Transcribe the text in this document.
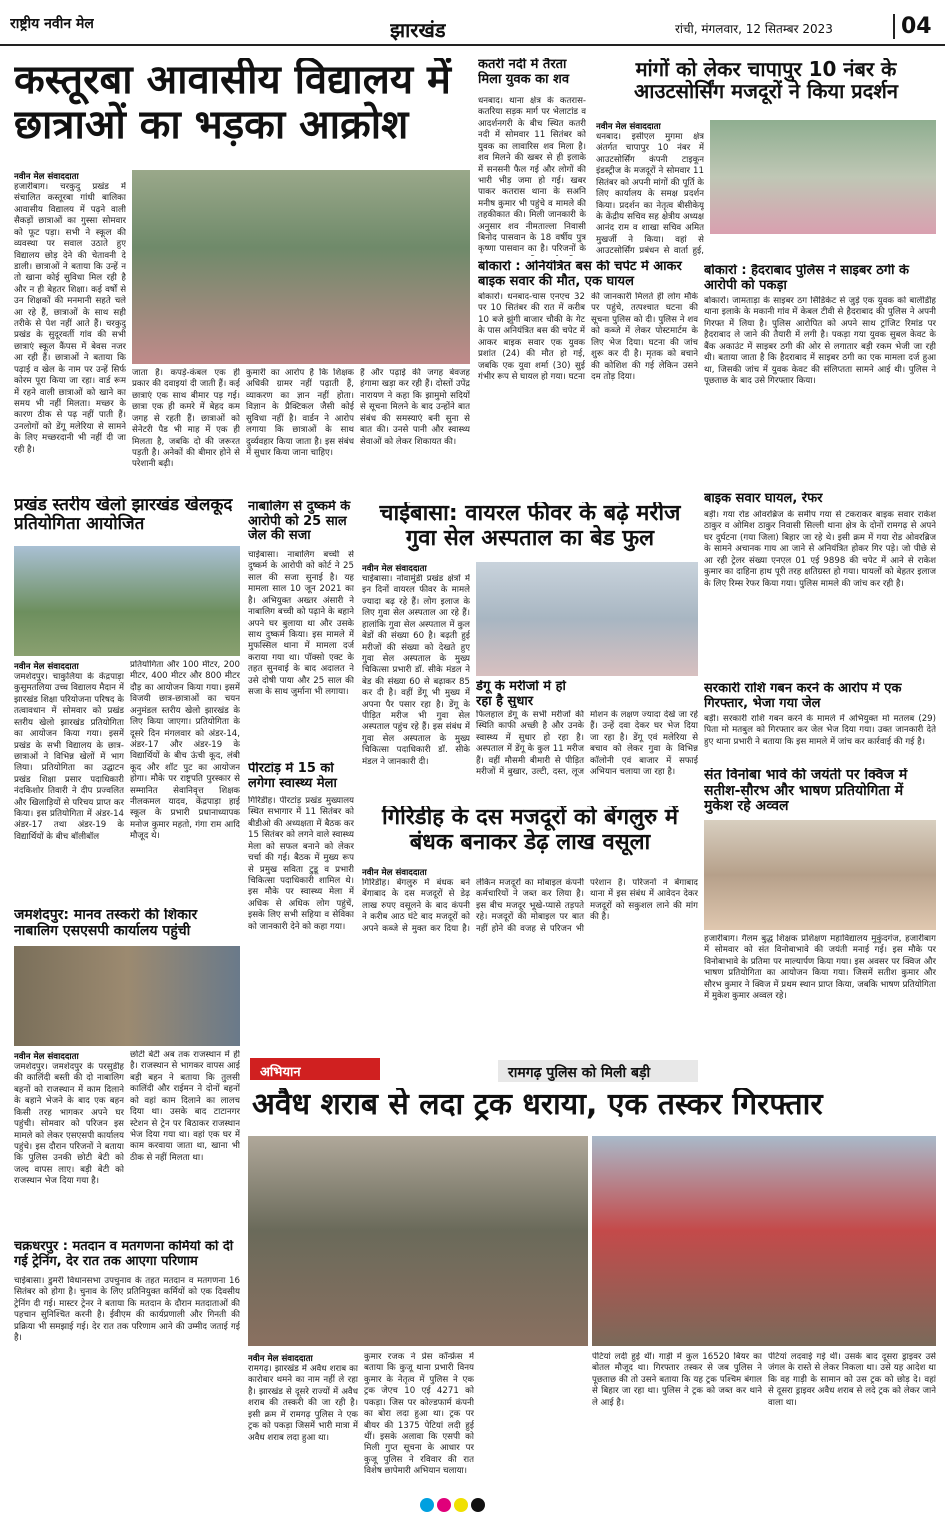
राष्ट्रीय नवीन मेल	झारखंड	रांची, मंगलवार, 12 सितम्बर 2023	04
कस्तूरबा आवासीय विद्यालय में छात्राओं का भड़का आक्रोश
नवीन मेल संवाददाता
हजारीबाग। चरकुदु प्रखंड में संचालित कस्तूरबा गांधी बालिका आवासीय विद्यालय में पढ़ने वाली सैकड़ों छात्राओं का गुस्सा सोमवार को फूट पड़ा। सभी ने स्कूल की व्यवस्था पर सवाल उठाते हुए विद्यालय छोड़ देने की चेतावनी दे डाली। छात्राओं ने बताया कि उन्हें न तो खाना कोई सुविधा मिल रही है और न ही बेहतर शिक्षा। कई वर्षों से उन शिक्षकों की मनमानी सहते चले आ रहे हैं, छात्राओं के साथ सही तरीके से पेश नहीं आते हैं। चरकुदु प्रखंड के सुदूरवर्ती गांव की सभी छात्राएं स्कूल कैंपस में बेवस नजर आ रही हैं। छात्राओं ने बताया कि पढ़ाई व खेल के नाम पर उन्हें सिर्फ कोरम पूरा किया जा रहा। वार्ड रूम में रहने वाली छात्राओं को खाने का समय भी नहीं मिलता। मच्छर के कारण ठीक से पढ़ नहीं पाती हैं। उनलोगों को डेंगू मलेरिया से सामने के लिए मच्छरदानी भी नहीं दी जा रही है।
जाता है। कपड़े-कंबल एक ही प्रकार की दवाइयां दी जाती हैं। कई छात्राएं एक साथ बीमार पड़ गई। छात्रा एक ही कमरे में बेहद कम जगह से रहती हैं। छात्राओं को सेनेटरी पैड भी माह में एक ही मिलता है, जबकि दो की जरूरत पड़ती है। अनेकों की बीमार होने से परेशानी बढ़ी।
कुमारी का आरोप है कि शिक्षक अधिकी ग्रामर नहीं पढ़ाती हैं, व्याकरण का ज्ञान नहीं होता। विज्ञान के प्रैक्टिकल जैसी कोई सुविधा नहीं है। वार्डन ने आरोप लगाया कि छात्राओं के साथ दुर्व्यवहार किया जाता है। इस संबंध में सुधार किया जाना चाहिए।
हैं और पढ़ाई की जगह बेवजह हंगामा खड़ा कर रही हैं। दोस्तों उपेंद्र नारायण ने कहा कि झामुमो सदियों से सूचना मिलने के बाद उन्होंने बात संबंध की समस्याएं बनी सुना से बात की। उनसे पानी और स्वास्थ्य सेवाओं को लेकर शिकायत की।
कतरी नदी में तैरता मिला युवक का शव
धनबाद। थाना क्षेत्र के कतरास-कतरिया सड़क मार्ग पर भेलाटांड व आदर्शनगरी के बीच स्थित कतरी नदी में सोमवार 11 सितंबर को युवक का लावारिस शव मिला है। शव मिलने की खबर से ही इलाके में सनसनी फैल गई और लोगों की भारी भीड़ जमा हो गई। खबर पाकर कतरास थाना के सअनि मनीष कुमार भी पहुंचे व मामले की तहकीकात की। मिली जानकारी के अनुसार शव नीमताल्ला निवासी बिनोद पासवान के 18 वर्षीय पुत्र कृष्णा पासवान का है। परिजनों के
मांगों को लेकर चापापुर 10 नंबर के आउटसोर्सिंग मजदूरों ने किया प्रदर्शन
नवीन मेल संवाददाता
धनबाद। इसीएल मुगमा क्षेत्र अंतर्गत चापापुर 10 नंबर में आउटसोर्सिंग कंपनी टाइकून इंडस्ट्रीज के मजदूरों ने सोमवार 11 सितंबर को अपनी मांगों की पूर्ति के लिए कार्यालय के समक्ष प्रदर्शन किया। प्रदर्शन का नेतृत्व बीसीकेयू के केंद्रीय सचिव सह क्षेत्रीय अध्यक्ष आनंद राम व शाखा सचिव अमित मुखर्जी ने किया। वहां से आउटसोर्सिंग प्रबंधन से वार्ता हुई,
बोकारो : अनियंत्रित बस की चपेट में आकर बाइक सवार की मौत, एक घायल
बोकारो। धनबाद-चास एनएच 32 पर 10 सितंबर की रात में करीब 10 बजे झुंगी बाजार चौकी के गेट के पास अनियंत्रित बस की चपेट में आकर बाइक सवार एक युवक प्रशांत (24) की मौत हो गई, जबकि एक युवा शर्मा (30) सुई गंभीर रूप से घायल हो गया। घटना की जानकारी मिलते ही लोग मौके पर पहुंचे, तत्पश्चात घटना की सूचना पुलिस को दी। पुलिस ने शव को कब्जे में लेकर पोस्टमार्टम के लिए भेज दिया। घटना की जांच शुरू कर दी है। मृतक को बचाने की कोशिश की गई लेकिन उसने दम तोड़ दिया।
बोकारो : हैदराबाद पुलिस ने साइबर ठगी के आरोपी को पकड़ा
बोकारो। जामताड़ा के साइबर ठग सिंडिकेट से जुड़े एक युवक को बालीडीह थाना इलाके के मकानी गांव में केबल टीवी से हैदराबाद की पुलिस ने अपनी गिरफ्त में लिया है। पुलिस आरोपित को अपने साथ ट्रांजिट रिमांड पर हैदराबाद ले जाने की तैयारी में लगी है। पकड़ा गया युवक सुबल केवट के बैंक अकाउंट में साइबर ठगी की ओर से लगातार बड़ी रकम भेजी जा रही थी। बताया जाता है कि हैदराबाद में साइबर ठगी का एक मामला दर्ज हुआ था, जिसकी जांच में युवक केवट की संलिप्तता सामने आई थी। पुलिस ने पूछताछ के बाद उसे गिरफ्तार किया।
प्रखंड स्तरीय खेलो झारखंड खेलकूद प्रतियोगिता आयोजित
नवीन मेल संवाददाता
जमशेदपुर। चाकुलिया के केंद्रपाड़ा कुसुमतलिया उच्च विद्यालय मैदान में झारखंड शिक्षा परियोजना परिषद के तत्वावधान में सोमवार को प्रखंड स्तरीय खेलो झारखंड प्रतियोगिता का आयोजन किया गया। इसमें प्रखंड के सभी विद्यालय के छात्र-छात्राओं ने विभिन्न खेलों में भाग लिया। प्रतियोगिता का उद्घाटन प्रखंड शिक्षा प्रसार पदाधिकारी नंदकिशोर तिवारी ने दीप प्रज्वलित और खिलाड़ियों से परिचय प्राप्त कर किया। इस प्रतियोगिता में अंडर-14 अंडर-17 तथा अंडर-19 के विद्यार्थियों के बीच बॉलीबॉल
प्रतियोगिता और 100 मीटर, 200 मीटर, 400 मीटर और 800 मीटर दौड़ का आयोजन किया गया। इसमें विजयी छात्र-छात्राओं का चयन अनुमंडल स्तरीय खेलो झारखंड के लिए किया जाएगा। प्रतियोगिता के दूसरे दिन मंगलवार को अंडर-14, अंडर-17 और अंडर-19 के विद्यार्थियों के बीच ऊंची कूद, लंबी कूद और शॉट पुट का आयोजन होगा। मौके पर राष्ट्रपति पुरस्कार से सम्मानित सेवानिवृत्त शिक्षक नीलकमल यादव, केंद्रपाड़ा हाई स्कूल के प्रभारी प्रधानाध्यापक मनोज कुमार महतो, गंगा राम आदि मौजूद थे।
नाबालिग से दुष्कर्म के आरोपी को 25 साल जेल की सजा
चाईबासा। नाबालिग बच्ची से दुष्कर्म के आरोपी को कोर्ट ने 25 साल की सजा सुनाई है। यह मामला साल 10 जून 2021 का है। अभियुक्त अख्तर अंसारी ने नाबालिग बच्ची को पढ़ाने के बहाने अपने घर बुलाया था और उसके साथ दुष्कर्म किया। इस मामले में मुफस्सिल थाना में मामला दर्ज कराया गया था। पॉक्सो एक्ट के तहत सुनवाई के बाद अदालत ने उसे दोषी पाया और 25 साल की सजा के साथ जुर्माना भी लगाया।
चाईबासा: वायरल फीवर के बढ़े मरीज गुवा सेल अस्पताल का बेड फुल
नवीन मेल संवाददाता
चाईबासा। नोवामुंडी प्रखंड क्षेत्रों में इन दिनों वायरल फीवर के मामले ज्यादा बढ़ रहे हैं। लोग इलाज के लिए गुवा सेल अस्पताल आ रहे हैं। हालांकि गुवा सेल अस्पताल में कुल बेडों की संख्या 60 है। बढ़ती हुई मरीजों की संख्या को देखते हुए गुवा सेल अस्पताल के मुख्य चिकित्सा प्रभारी डॉ. सीके मंडल ने बेड की संख्या 60 से बढ़ाकर 85 कर दी है। वहीं डेंगू भी मुख्य में अपना पैर पसार रहा है। डेंगू के पीड़ित मरीज भी गुवा सेल अस्पताल पहुंच रहे हैं। इस संबंध में गुवा सेल अस्पताल के मुख्य चिकित्सा पदाधिकारी डॉ. सीके मंडल ने जानकारी दी।
डेंगू के मरीजों में हो रहा है सुधार
फिलहाल डेंगू के सभी मरीजों की स्थिति काफी अच्छी है और उनके स्वास्थ्य में सुधार हो रहा है। अस्पताल में डेंगू के कुल 11 मरीज हैं। वहीं मौसमी बीमारी से पीड़ित मरीजों में बुखार, उल्टी, दस्त, लूज मोशन के लक्षण ज्यादा देखे जा रहे हैं। उन्हें दवा देकर घर भेज दिया जा रहा है। डेंगू एवं मलेरिया से बचाव को लेकर गुवा के विभिन्न कॉलोनी एवं बाजार में सफाई अभियान चलाया जा रहा है।
बाइक सवार घायल, रेफर
बड़ी। गया रोड ओवरब्रिज के समीप गया से टकराकर बाइक सवार राकेश ठाकुर व ओमिश ठाकुर निवासी सिल्ली थाना क्षेत्र के दोनों रामगढ़ से अपने घर दुर्घटना (गया जिला) बिहार जा रहे थे। इसी क्रम में गया रोड ओवरब्रिज के सामने अचानक गाय आ जाने से अनियंत्रित होकर गिर पड़े। जो पीछे से आ रही ट्रेलर संख्या एनएल 01 एई 9898 की चपेट में आने से राकेश कुमार का दाहिना हाथ पूरी तरह क्षतिग्रस्त हो गया। घायलों को बेहतर इलाज के लिए रिम्स रेफर किया गया। पुलिस मामले की जांच कर रही है।
सरकारी राशि गबन करने के आरोप में एक गिरफ्तार, भेजा गया जेल
बड़ी। सरकारी राशि गबन करने के मामले में अभियुक्त मो मतलब (29) पिता मो मतबुल को गिरफ्तार कर जेल भेज दिया गया। उक्त जानकारी देते हुए थाना प्रभारी ने बताया कि इस मामले में जांच कर कार्रवाई की गई है।
संत विनोबा भावे की जयंती पर क्विज में सतीश-सौरभ और भाषण प्रतियोगिता में मुकेश रहे अव्वल
हजारीबाग। गैलम बुद्ध शिक्षक प्रशिक्षण महाविद्यालय मुकुंदगंज, हजारीबाग में सोमवार को संत विनोबाभावे की जयंती मनाई गई। इस मौके पर विनोबाभावे के प्रतिमा पर माल्यार्पण किया गया। इस अवसर पर क्विज और भाषण प्रतियोगिता का आयोजन किया गया। जिसमें सतीश कुमार और सौरभ कुमार ने क्विज में प्रथम स्थान प्राप्त किया, जबकि भाषण प्रतियोगिता में मुकेश कुमार अव्वल रहे।
पीरटांड़ में 15 को लगेगा स्वास्थ्य मेला
गिरिडीह। पीरटांड़ प्रखंड मुख्यालय स्थित सभागार में 11 सितंबर को बीडीओ की अध्यक्षता में बैठक कर 15 सितंबर को लगने वाले स्वास्थ्य मेला को सफल बनाने को लेकर चर्चा की गई। बैठक में मुख्य रूप से प्रमुख सविता टुडू व प्रभारी चिकित्सा पदाधिकारी शामिल थे। इस मौके पर स्वास्थ्य मेला में अधिक से अधिक लोग पहुंचें, इसके लिए सभी सहिया व सेविका को जानकारी देने को कहा गया।
गिरिडीह के दस मजदूरों को बेंगलुरु में बंधक बनाकर डेढ़ लाख वसूला
नवीन मेल संवाददाता
गिरिडीह। बेंगलुरु में बंधक बने बेंगाबाद के दस मजदूरों से डेढ़ लाख रुपए वसूलने के बाद कंपनी ने करीब आठ घंटे बाद मजदूरों को अपने कब्जे से मुक्त कर दिया है। लेकिन मजदूरों का मोबाइल कंपनी कर्मचारियों ने जब्त कर लिया है। इस बीच मजदूर भूखे-प्यासे तड़पते रहे। मजदूरों की मोबाइल पर बात नहीं होने की वजह से परिजन भी परेशान हैं। परिजनों ने बेंगाबाद थाना में इस संबंध में आवेदन देकर मजदूरों को सकुशल लाने की मांग की है।
जमशेदपुर: मानव तस्करी की शिकार नाबालिग एसएसपी कार्यालय पहुंची
नवीन मेल संवाददाता
जमशेदपुर। जमशेदपुर के परसुडीह की कालिंदी बस्ती की दो नाबालिग बहनों को राजस्थान में काम दिलाने के बहाने भेजने के बाद एक बहन किसी तरह भागकर अपने घर पहुंची। सोमवार को परिजन इस मामले को लेकर एसएसपी कार्यालय पहुंचे। इस दौरान परिजनों ने बताया कि पुलिस उनकी छोटी बेटी को जल्द वापस लाए। बड़ी बेटी को राजस्थान भेज दिया गया है।
छोटी बेटी अब तक राजस्थान में ही है। राजस्थान से भागकर वापस आई बड़ी बहन ने बताया कि तुलसी कालिंदी और राईमन ने दोनों बहनों को वहां काम दिलाने का लालच दिया था। उसके बाद टाटानगर स्टेशन से ट्रेन पर बिठाकर राजस्थान भेज दिया गया था। वहां एक घर में काम करवाया जाता था, खाना भी ठीक से नहीं मिलता था।
चक्रधरपुर : मतदान व मतगणना कर्मियों को दी गई ट्रेनिंग, देर रात तक आएगा परिणाम
चाईबासा। डुमरी विधानसभा उपचुनाव के तहत मतदान व मतगणना 16 सितंबर को होगा है। चुनाव के लिए प्रतिनियुक्त कर्मियों को एक दिवसीय ट्रेनिंग दी गई। मास्टर ट्रेनर ने बताया कि मतदान के दौरान मतदाताओं की पहचान सुनिश्चित करनी है। ईवीएम की कार्यप्रणाली और गिनती की प्रक्रिया भी समझाई गई। देर रात तक परिणाम आने की उम्मीद जताई गई है।
अभियान	रामगढ़ पुलिस को मिली बड़ी
अवैध शराब से लदा ट्रक धराया, एक तस्कर गिरफ्तार
नवीन मेल संवाददाता
रामगढ़। झारखंड में अवैध शराब का कारोबार थमने का नाम नहीं ले रहा है। झारखंड से दूसरे राज्यों में अवैध शराब की तस्करी की जा रही है। इसी क्रम में रामगढ़ पुलिस ने एक ट्रक को पकड़ा जिसमें भारी मात्रा में अवैध शराब लदा हुआ था।
कुमार रजक ने प्रेस कॉन्फ्रेंस में बताया कि कुजू थाना प्रभारी विनय कुमार के नेतृत्व में पुलिस ने एक ट्रक जेएच 10 एई 4271 को पकड़ा। जिस पर कोल्डफार्म कंपनी का बोरा लदा हुआ था। ट्रक पर बीयर की 1375 पेटियां लदी हुई थीं। इसके अलावा कि एसपी को मिली गुप्त सूचना के आधार पर कुजू पुलिस ने रविवार की रात विशेष छापेमारी अभियान चलाया।
पेटियां लदी हुई थीं। गाड़ी में कुल 16520 बियर का बोतल मौजूद था। गिरफ्तार तस्कर से जब पुलिस ने पूछताछ की तो उसने बताया कि यह ट्रक पश्चिम बंगाल से बिहार जा रहा था। पुलिस ने ट्रक को जब्त कर थाने ले आई है।
पेटियां लदवाई गई थीं। उसके बाद दूसरा ड्राइवर उसे जंगल के रास्ते से लेकर निकला था। उसे यह आदेश था कि वह गाड़ी के सामान को उस ट्रक को छोड़ दे। वहां से दूसरा ड्राइवर अवैध शराब से लदे ट्रक को लेकर जाने वाला था।
